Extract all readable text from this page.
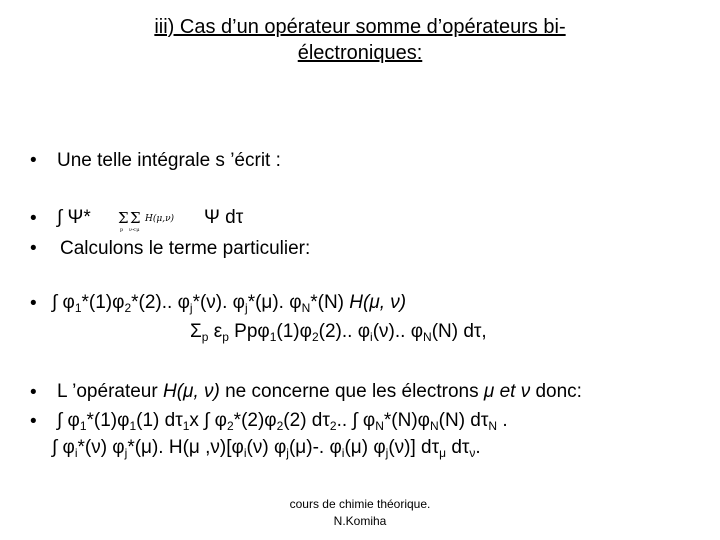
iii) Cas d’un opérateur somme d’opérateurs bi-
électroniques:
• Une telle intégrale s ’écrit :
• ∫ Ψ* Σ
p
Σ
ν<μ
H(μ,ν) Ψ dτ
• Calculons le terme particulier:
• ∫ $\varphi_1*(1)\varphi_2*(2)$.. $\varphi_j*(\nu)$. $\varphi_j*(\mu)$. $\varphi_N*(N)$ H(μ, ν)
$\Sigma_p$ $\varepsilon_p$ $Pp\varphi_1(1)\varphi_2(2)$.. $\varphi_i(\nu)$.. $\varphi_N(N)$ dτ,
• L ’opérateur H(μ, ν) ne concerne que les électrons μ et ν donc:
• ∫ $\varphi_1*(1)\varphi_1(1)$ $d\tau_1x$ ∫ $\varphi_2*(2)\varphi_2(2)$ $d\tau_2$.. ∫ $\varphi_N*(N)\varphi_N(N)$ $d\tau_N$ .
∫ $\varphi_i*(\nu)$ $\varphi_j*(\mu)$. H(μ $,\nu)[\varphi_i(\nu)$ $\varphi_j(\mu)-$. $\varphi_i(\mu)$ $\varphi_j(\nu)$] $d\tau_\mu$ $d\tau_\nu$.
cours de chimie théorique.
N.Komiha
